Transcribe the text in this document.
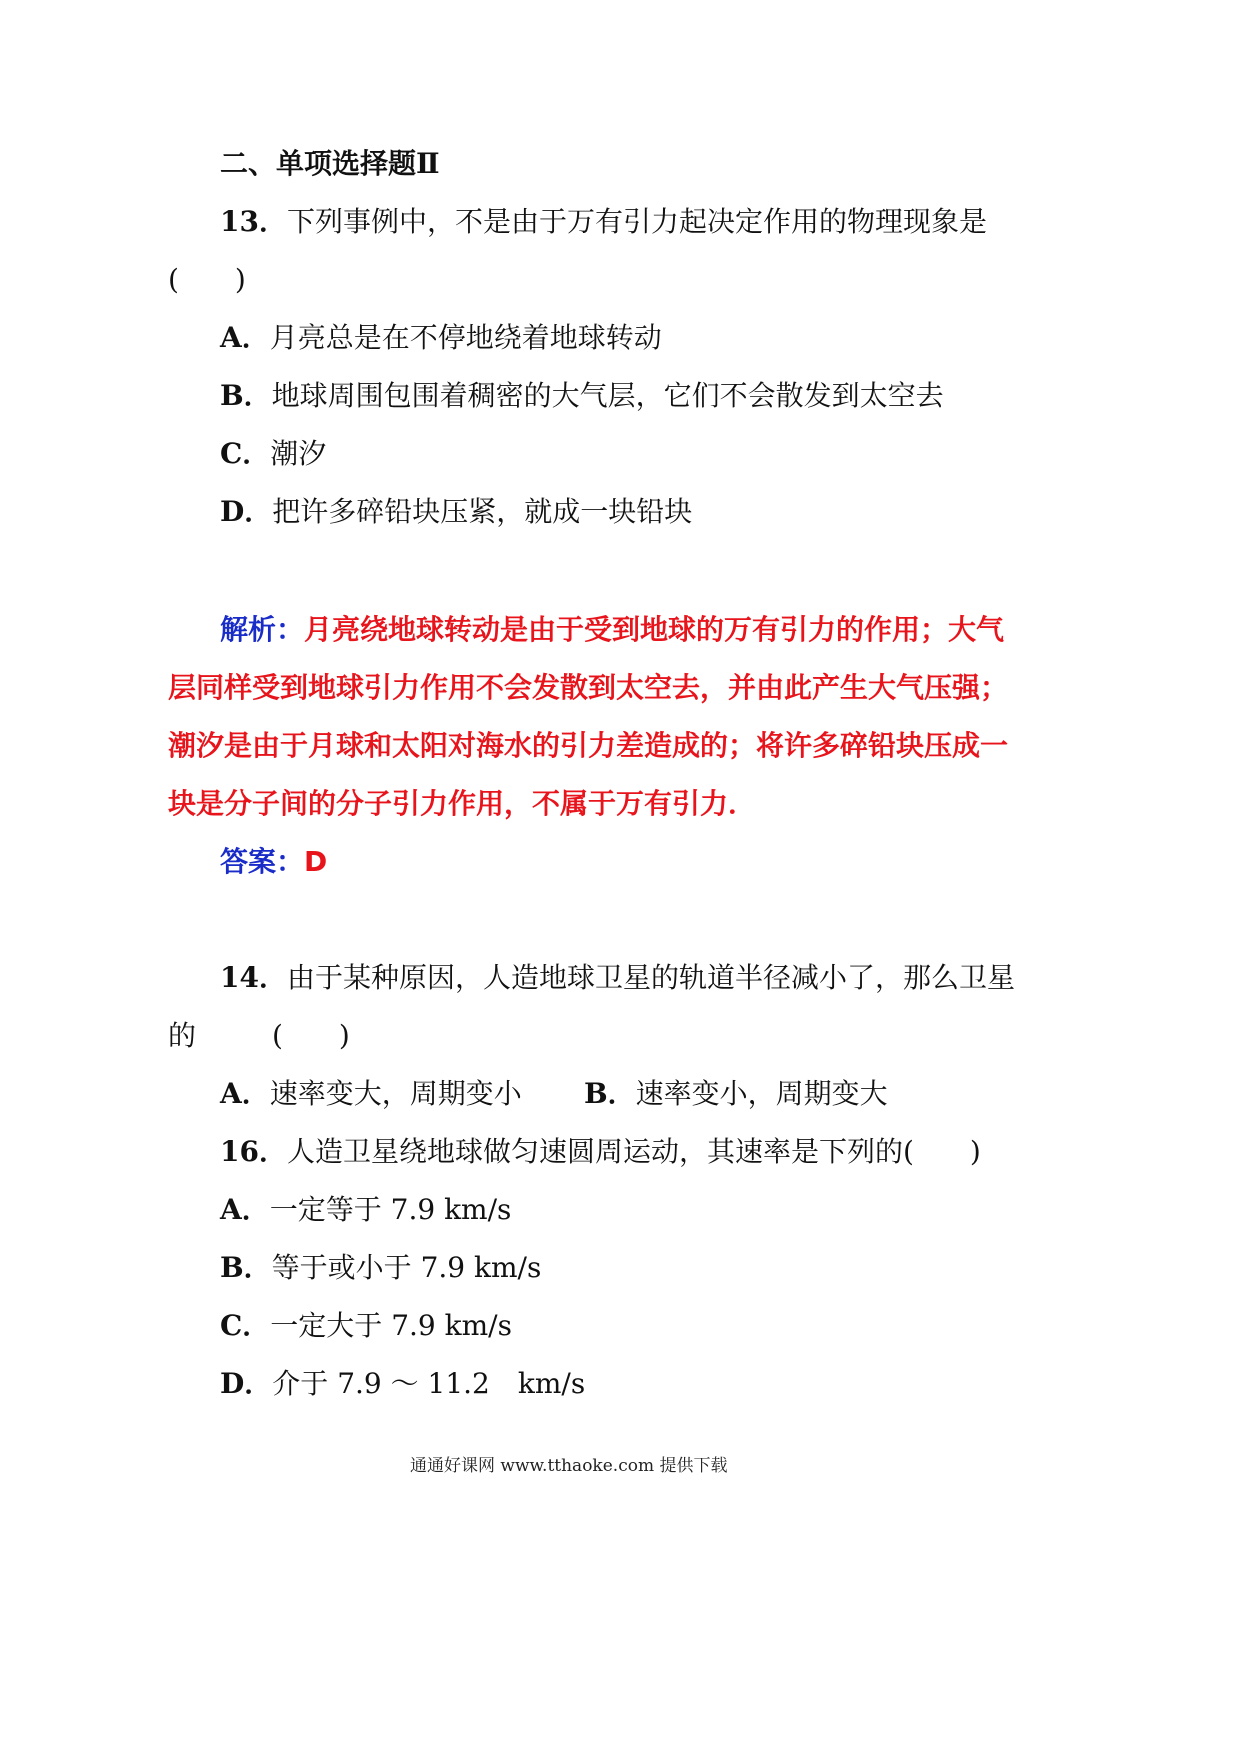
二、单项选择题Ⅱ
13．下列事例中，不是由于万有引力起决定作用的物理现象是
(　　)
A．月亮总是在不停地绕着地球转动
B．地球周围包围着稠密的大气层，它们不会散发到太空去
C．潮汐
D．把许多碎铅块压紧，就成一块铅块
解析：月亮绕地球转动是由于受到地球的万有引力的作用；大气
层同样受到地球引力作用不会发散到太空去，并由此产生大气压强；
潮汐是由于月球和太阳对海水的引力差造成的；将许多碎铅块压成一
块是分子间的分子引力作用，不属于万有引力．
答案：D
14．由于某种原因，人造地球卫星的轨道半径减小了，那么卫星
的	(　　)
A．速率变大，周期变小 B．速率变小，周期变大
16．人造卫星绕地球做匀速圆周运动，其速率是下列的(　　)
A．一定等于 7.9 km/s
B．等于或小于 7.9 km/s
C．一定大于 7.9 km/s
D．介于 7.9 ～ 11.2　km/s
通通好课网 www.tthaoke.com 提供下载
